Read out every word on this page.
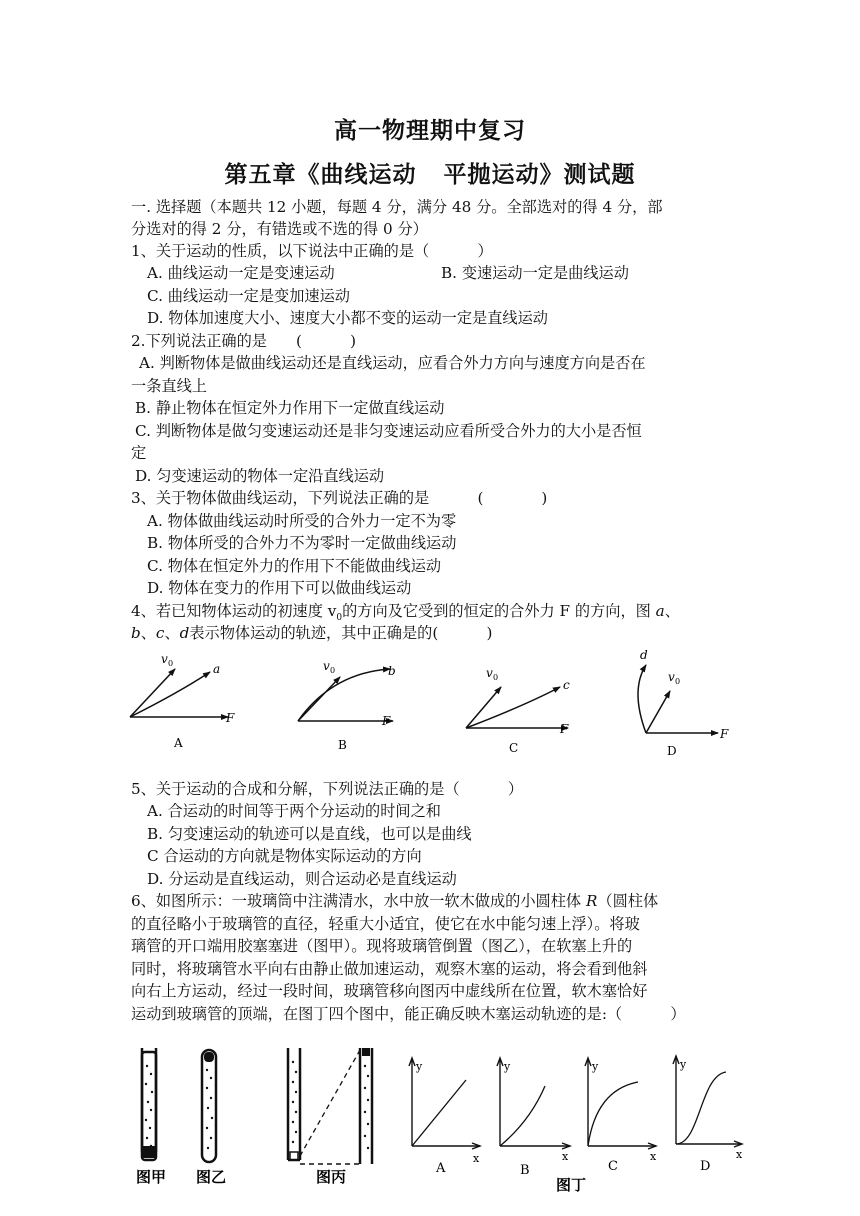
高一物理期中复习
第五章《曲线运动   平抛运动》测试题
一. 选择题（本题共 12 小题，每题 4 分，满分 48 分。全部选对的得 4 分，部
分选对的得 2 分，有错选或不选的得 0 分）
1、关于运动的性质，以下说法中正确的是（          ）
A. 曲线运动一定是变速运动	B. 变速运动一定是曲线运动
C. 曲线运动一定是变加速运动
D. 物体加速度大小、速度大小都不变的运动一定是直线运动
2.下列说法正确的是      (          )
A. 判断物体是做曲线运动还是直线运动，应看合外力方向与速度方向是否在
一条直线上
B. 静止物体在恒定外力作用下一定做直线运动
C. 判断物体是做匀变速运动还是非匀变速运动应看所受合外力的大小是否恒
定
D. 匀变速运动的物体一定沿直线运动
3、关于物体做曲线运动，下列说法正确的是          (            )
A. 物体做曲线运动时所受的合外力一定不为零
B. 物体所受的合外力不为零时一定做曲线运动
C. 物体在恒定外力的作用下不能做曲线运动
D. 物体在变力的作用下可以做曲线运动
4、若已知物体运动的初速度 $v_0$的方向及它受到的恒定的合外力 F 的方向，图 a、
b、c、d表示物体运动的轨迹，其中正确是的(          )
v 0	a
F
A
v 0	b
F
B
v 0
c
F
C
d
v 0
F
D
5、关于运动的合成和分解，下列说法正确的是（          ）
A. 合运动的时间等于两个分运动的时间之和
B. 匀变速运动的轨迹可以是直线，也可以是曲线
C 合运动的方向就是物体实际运动的方向
D. 分运动是直线运动，则合运动必是直线运动
6、如图所示：一玻璃筒中注满清水，水中放一软木做成的小圆柱体 R（圆柱体
的直径略小于玻璃管的直径，轻重大小适宜，使它在水中能匀速上浮）。将玻
璃管的开口端用胶塞塞进（图甲）。现将玻璃管倒置（图乙），在软塞上升的
同时，将玻璃管水平向右由静止做加速运动，观察木塞的运动，将会看到他斜
向右上方运动，经过一段时间，玻璃管移向图丙中虚线所在位置，软木塞恰好
运动到玻璃管的顶端，在图丁四个图中，能正确反映木塞运动轨迹的是:（          ）
图甲 图乙	图丙
y
x
A
y
x
B
y
x
C
y
x
D
图丁
